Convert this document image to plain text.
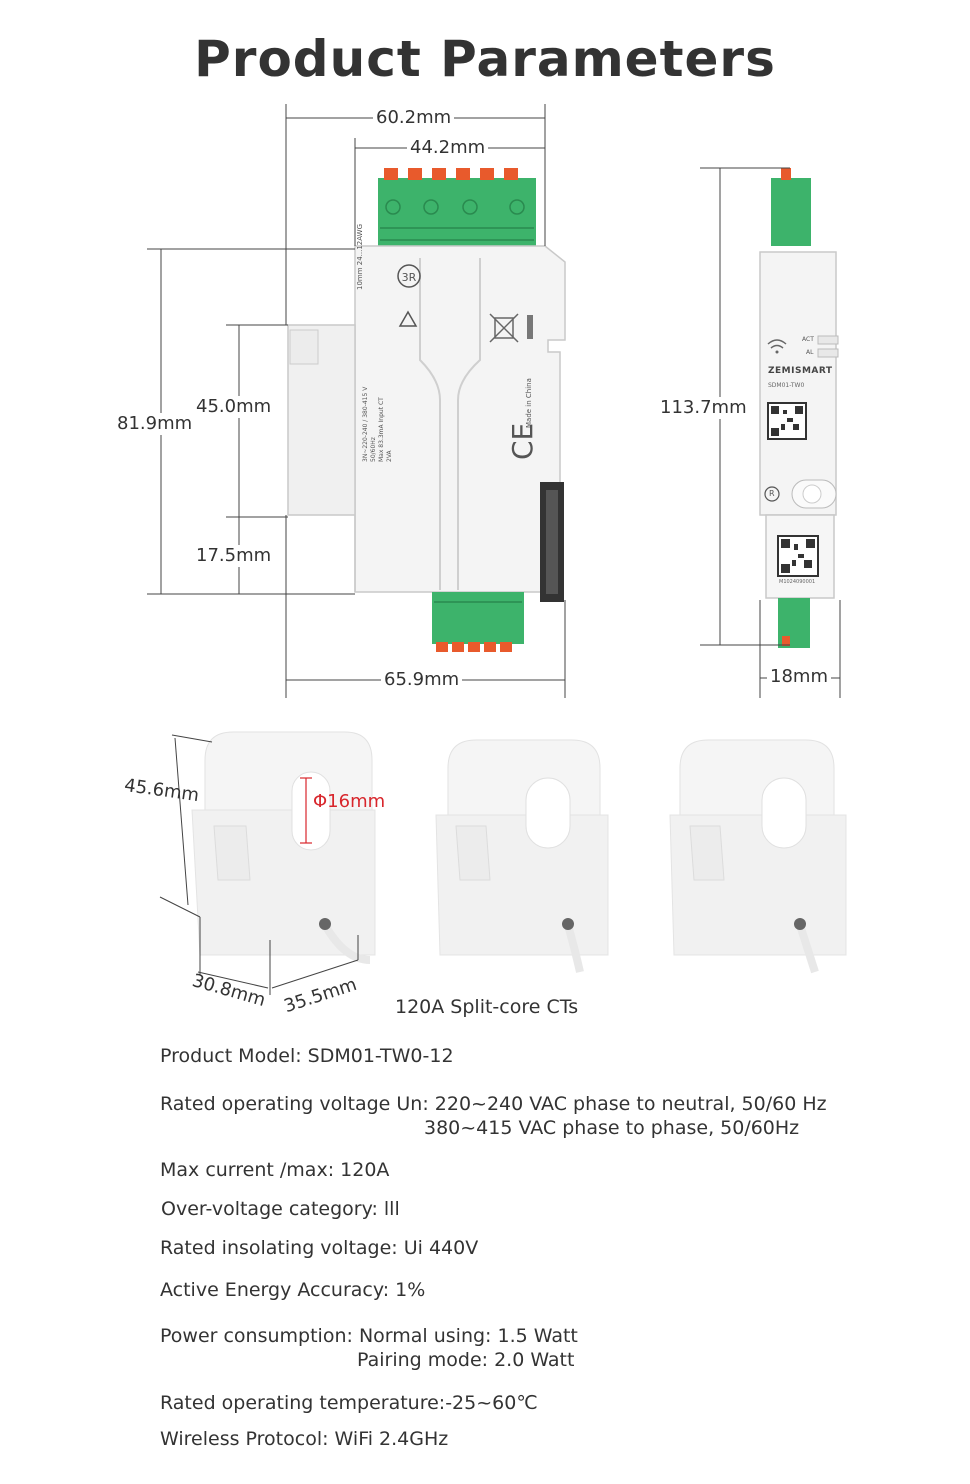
Product Parameters
3R
CE
60.2mm
44.2mm
65.9mm
81.9mm
45.0mm
17.5mm
113.7mm
18mm
45.6mm	Φ16mm
30.8mm 35.5mm
10mm 24...12AWG
3N~220-240 / 380-415 V
50/60Hz
Max 83.3mA Input CT
2VA
Made in China
ACT
AL
ZEMISMART
SDM01-TW0
R
M1024090001
120A Split-core CTs
Product Model: SDM01-TW0-12
Rated operating voltage Un: 220~240 VAC phase to neutral, 50/60 Hz
380~415 VAC phase to phase, 50/60Hz
Max current /max: 120A
Over-voltage category: lll
Rated insolating voltage: Ui 440V
Active Energy Accuracy: 1%
Power consumption: Normal using: 1.5 Watt
Pairing mode: 2.0 Watt
Rated operating temperature:-25~60℃
Wireless Protocol: WiFi 2.4GHz
